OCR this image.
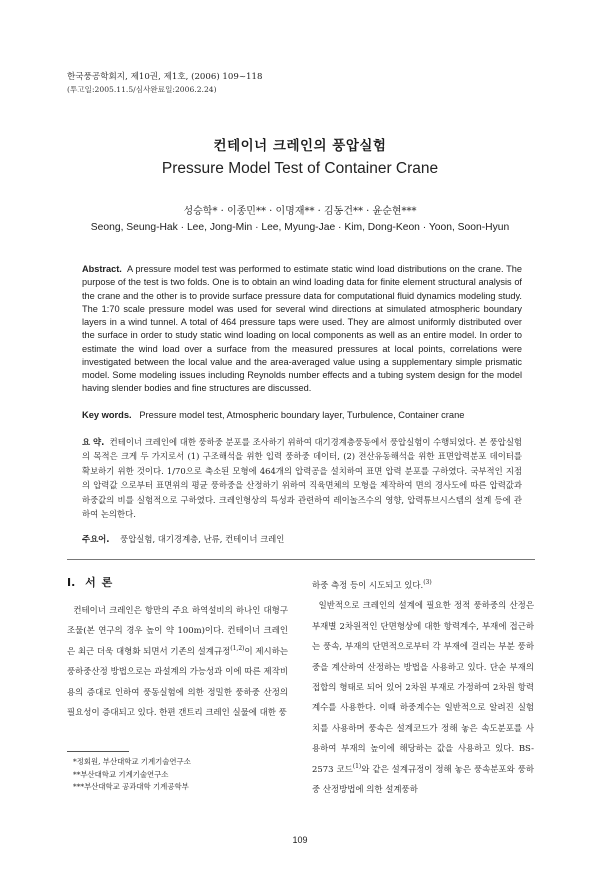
한국풍공학회지, 제10권, 제1호, (2006) 109~118
(투고일:2005.11.5/심사완료일:2006.2.24)
컨테이너 크레인의 풍압실험
Pressure Model Test of Container Crane
성승학* · 이종민** · 이명재** · 김동건** · 윤순현***
Seong, Seung-Hak · Lee, Jong-Min · Lee, Myung-Jae · Kim, Dong-Keon · Yoon, Soon-Hyun
Abstract. A pressure model test was performed to estimate static wind load distributions on the crane. The purpose of the test is two folds. One is to obtain an wind loading data for finite element structural analysis of the crane and the other is to provide surface pressure data for computational fluid dynamics modeling study. The 1:70 scale pressure model was used for several wind directions at simulated atmospheric boundary layers in a wind tunnel. A total of 464 pressure taps were used. They are almost uniformly distributed over the surface in order to study static wind loading on local components as well as an entire model. In order to estimate the wind load over a surface from the measured pressures at local points, correlations were investigated between the local value and the area-averaged value using a supplementary simple prismatic model. Some modeling issues including Reynolds number effects and a tubing system design for the model having slender bodies and fine structures are discussed.
Key words. Pressure model test, Atmospheric boundary layer, Turbulence, Container crane
요 약. 컨테이너 크레인에 대한 풍하중 분포를 조사하기 위하여 대기경계층풍동에서 풍압실험이 수행되었다. 본 풍압실험의 목적은 크게 두 가지로서 (1) 구조해석을 위한 입력 풍하중 데이터, (2) 전산유동해석을 위한 표면압력분포 데이터를 확보하기 위한 것이다. 1/70으로 축소된 모형에 464개의 압력공을 설치하여 표면 압력 분포를 구하였다. 국부적인 지점의 압력값 으로부터 표면위의 평균 풍하중을 산정하기 위하여 직육면체의 모형을 제작하여 면의 경사도에 따른 압력값과 하중값의 비를 실험적으로 구하였다. 크레인형상의 특성과 관련하여 레이놀즈수의 영향, 압력튜브시스템의 설계 등에 관하여 논의한다.
주요어. 풍압실험, 대기경계층, 난류, 컨테이너 크레인
I. 서 론
컨테이너 크레인은 항만의 주요 하역설비의 하나인 대형구조물(본 연구의 경우 높이 약 100m)이다. 컨테이너 크레인은 최근 더욱 대형화 되면서 기존의 설계규정$^{(1,2)}$이 제시하는 풍하중산정 방법으로는 과설계의 가능성과 이에 따른 제작비용의 증대로 인하여 풍동실험에 의한 정밀한 풍하중 산정의 필요성이 증대되고 있다. 한편 갠트리 크레인 실물에 대한 풍
하중 측정 등이 시도되고 있다.$^{(3)}$
일반적으로 크레인의 설계에 필요한 정적 풍하중의 산정은 부재별 2차원적인 단면형상에 대한 항력계수, 부재에 접근하는 풍속, 부재의 단면적으로부터 각 부재에 걸리는 부분 풍하중을 계산하여 산정하는 방법을 사용하고 있다. 단순 부재의 접합의 형태로 되어 있어 2차원 부재로 가정하여 2차원 항력계수를 사용한다. 이때 하중계수는 일반적으로 알려진 실험치를 사용하며 풍속은 설계코드가 정해 놓은 속도분포를 사용하여 부재의 높이에 해당하는 값을 사용하고 있다. BS-2573 코드$^{(1)}$와 같은 설계규정이 정해 놓은 풍속분포와 풍하중 산정방법에 의한 설계풍하
*정회원, 부산대학교 기계기술연구소
**부산대학교 기계기술연구소
***부산대학교 공과대학 기계공학부
109
